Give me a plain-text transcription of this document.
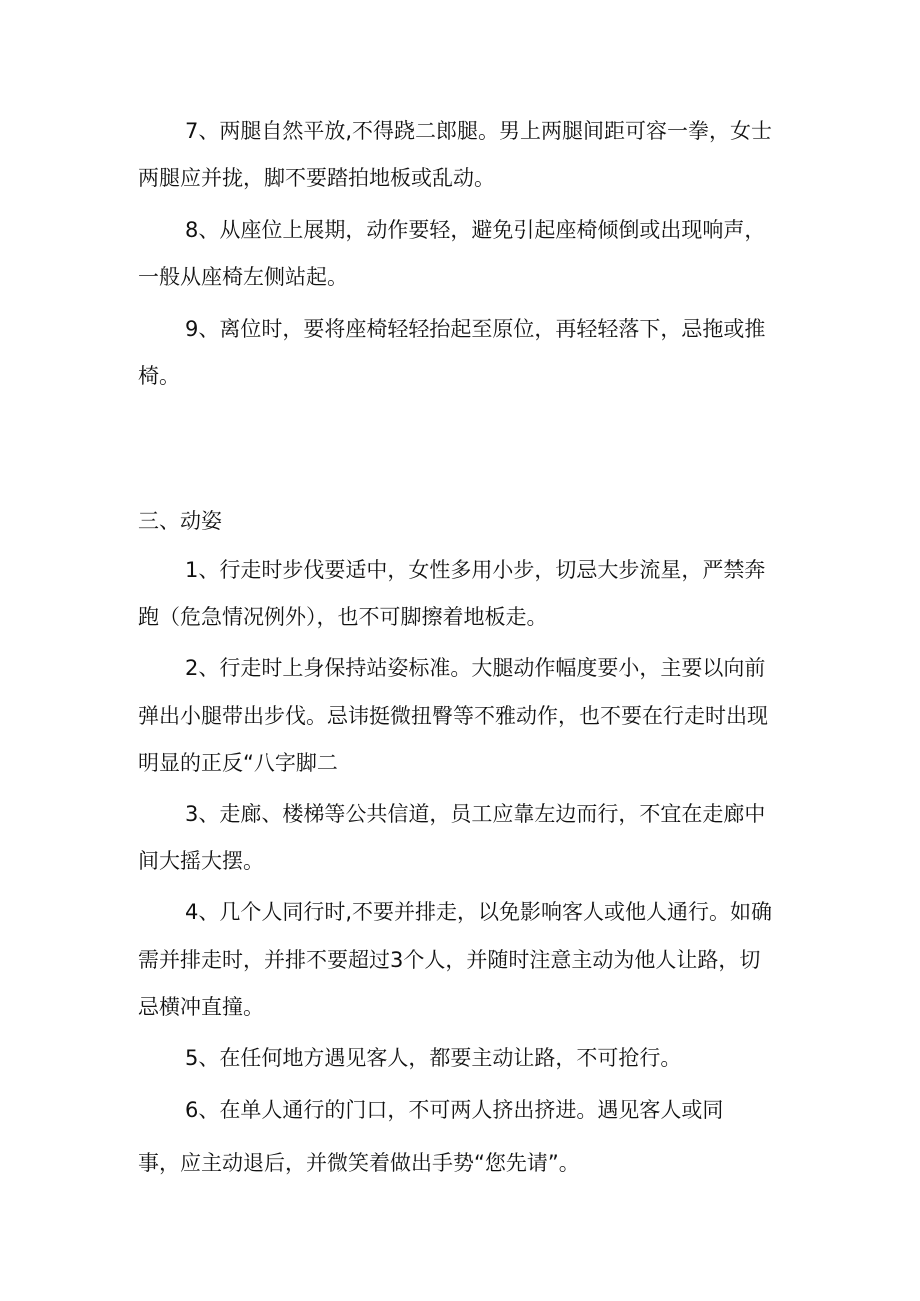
7、两腿自然平放,不得跷二郎腿。男上两腿间距可容一拳，女士

两腿应并拢，脚不要踏拍地板或乱动。

8、从座位上展期，动作要轻，避免引起座椅倾倒或出现响声，

一般从座椅左侧站起。

9、离位时，要将座椅轻轻抬起至原位，再轻轻落下，忌拖或推

椅。

三、动姿

1、行走时步伐要适中，女性多用小步，切忌大步流星，严禁奔

跑（危急情况例外），也不可脚擦着地板走。

2、行走时上身保持站姿标准。大腿动作幅度要小，主要以向前

弹出小腿带出步伐。忌讳挺微扭臀等不雅动作，也不要在行走时出现

明显的正反“八字脚二

3、走廊、楼梯等公共信道，员工应靠左边而行，不宜在走廊中

间大摇大摆。

4、几个人同行时,不要并排走，以免影响客人或他人通行。如确

需并排走时，并排不要超过3个人，并随时注意主动为他人让路，切

忌横冲直撞。

5、在任何地方遇见客人，都要主动让路，不可抢行。

6、在单人通行的门口，不可两人挤出挤进。遇见客人或同

事，应主动退后，并微笑着做出手势“您先请”。
